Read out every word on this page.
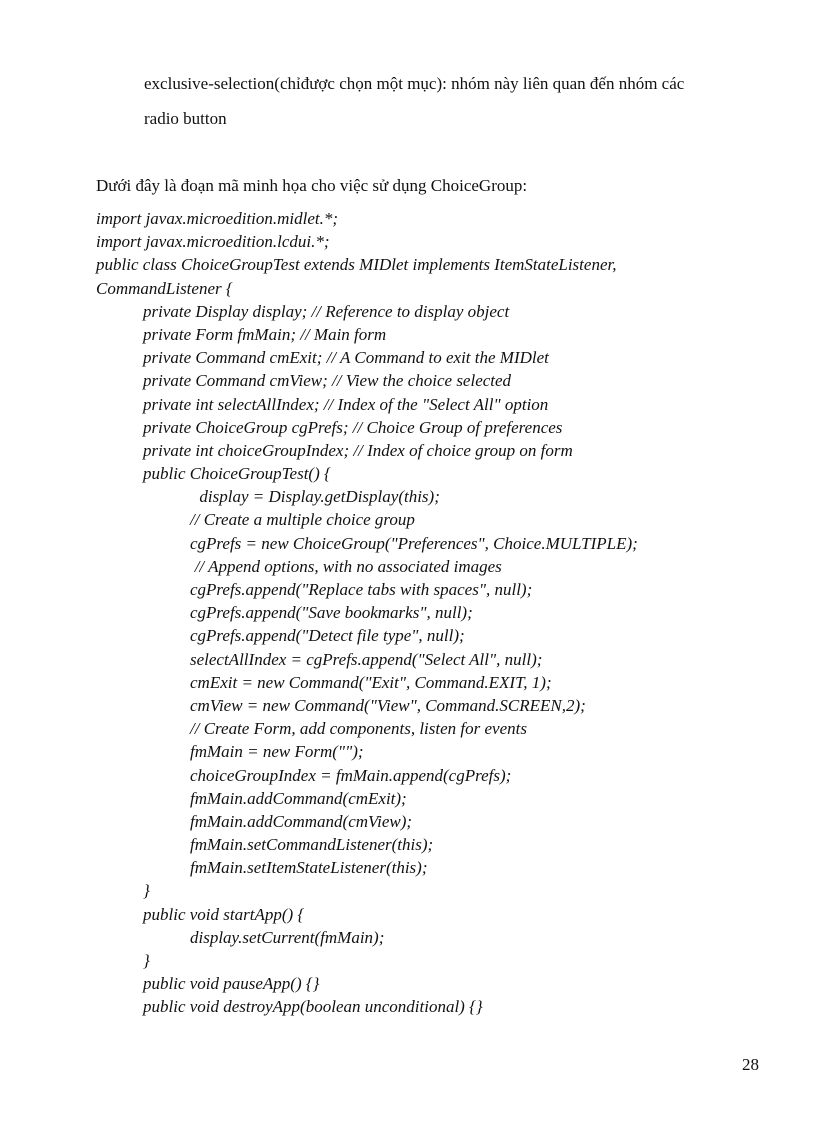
exclusive-selection(chỉđược chọn một mục): nhóm này liên quan đến nhóm các

radio button

Dưới đây là đoạn mã minh họa cho việc sử dụng ChoiceGroup:

import javax.microedition.midlet.*;
import javax.microedition.lcdui.*;
public class ChoiceGroupTest extends MIDlet implements ItemStateListener,
CommandListener {
private Display display; // Reference to display object
private Form fmMain; // Main form
private Command cmExit; // A Command to exit the MIDlet
private Command cmView; // View the choice selected
private int selectAllIndex; // Index of the "Select All" option
private ChoiceGroup cgPrefs; // Choice Group of preferences
private int choiceGroupIndex; // Index of choice group on form
public ChoiceGroupTest() {
display = Display.getDisplay(this);
// Create a multiple choice group
cgPrefs = new ChoiceGroup("Preferences", Choice.MULTIPLE);
// Append options, with no associated images
cgPrefs.append("Replace tabs with spaces", null);
cgPrefs.append("Save bookmarks", null);
cgPrefs.append("Detect file type", null);
selectAllIndex = cgPrefs.append("Select All", null);
cmExit = new Command("Exit", Command.EXIT, 1);
cmView = new Command("View", Command.SCREEN,2);
// Create Form, add components, listen for events
fmMain = new Form("");
choiceGroupIndex = fmMain.append(cgPrefs);
fmMain.addCommand(cmExit);
fmMain.addCommand(cmView);
fmMain.setCommandListener(this);
fmMain.setItemStateListener(this);
}
public void startApp() {
display.setCurrent(fmMain);
}
public void pauseApp() {}
public void destroyApp(boolean unconditional) {}
28
